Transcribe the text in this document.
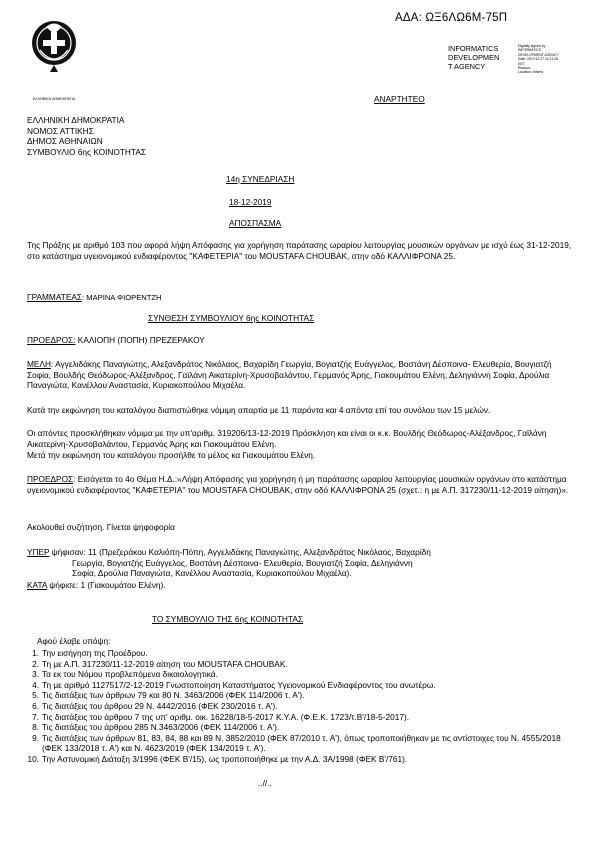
ΕΛΛΗΝΙΚΗ ΔΗΜΟΚΡΑΤΙΑ
ΑΔΑ: ΩΞ6ΛΩ6Μ-75Π
INFORMATICS
DEVELOPMEN
T AGENCY
Digitally signed by
INFORMATICS
DEVELOPMENT AGENCY
Date: 2019.12.27 11:21:28
EET
Reason:
Location: Athens
ΑΝΑΡΤΗΤΕΟ
ΕΛΛΗΝΙΚΗ ΔΗΜΟΚΡΑΤΙΑ
ΝΟΜΟΣ ΑΤΤΙΚΗΣ
ΔΗΜΟΣ ΑΘΗΝΑΙΩΝ
ΣΥΜΒΟΥΛΙΟ 6ης ΚΟΙΝΟΤΗΤΑΣ
14η ΣΥΝΕΔΡΙΑΣΗ
18-12-2019
ΑΠΟΣΠΑΣΜΑ
Της Πράξης με αριθμό 103 που αφορά λήψη Απόφασης για χορήγηση παράτασης ωραρίου λειτουργίας μουσικών οργάνων με ισχύ έως 31-12-2019, στο κατάστημα υγειονομικού ενδιαφέροντος "ΚΑΦΕΤΕΡΙΑ" του MOUSTAFA CHOUBAK, στην οδό ΚΑΛΛΙΦΡΟΝΑ 25.
ΓΡΑΜΜΑΤΕΑΣ: ΜΑΡΙΝΑ ΦΙΟΡΕΝΤΖΗ
ΣΥΝΘΕΣΗ ΣΥΜΒΟΥΛΙΟΥ 6ης ΚΟΙΝΟΤΗΤΑΣ
ΠΡΟΕΔΡΟΣ: ΚΑΛΙΟΠΗ (ΠΟΠΗ) ΠΡΕΖΕΡΑΚΟΥ
ΜΕΛΗ: Αγγελιδάκης Παναγιώτης, Αλεξανδράτος Νικόλαος, Βαχαρίδη Γεωργία, Βογιατζής Ευάγγελος, Βοστάνη Δέσποινα- Ελευθερία, Βουγιατζή Σοφία, Βουλδής Θεόδωρος-Αλέξανδρος, Γαϊλάνη Αικατερίνη-Χρυσοβαλάντου, Γερμανός Άρης, Γιακουμάτου Ελένη, Δεληγιάννη Σοφία, Δρούλια Παναγιώτα, Κανέλλου Αναστασία, Κυριακοπούλου Μιχαέλα.
Κατά την εκφώνηση του καταλόγου διαπιστώθηκε νόμιμη απαρτία με 11 παρόντα και 4 απόντα επί του συνόλου των 15 μελών.
Οι απόντες προσκλήθηκαν νόμιμα με την υπ'αριθμ. 319206/13-12-2019 Πρόσκληση και είναι οι κ.κ. Βουλδής Θεόδωρος-Αλέξανδρος, Γαϊλάνη Αικατερίνη-Χρυσοβαλάντου, Γερμανός Άρης και Γιακουμάτου Ελένη.
Μετά την εκφώνηση του καταλόγου προσήλθε το μέλος κα Γιακουμάτου Ελένη.
ΠΡΟΕΔΡΟΣ: Εισάγεται το 4ο Θέμα Η.Δ.:«Λήψη Απόφασης για χορήγηση ή μη παράτασης ωραρίου λειτουργίας μουσικών οργάνων στο κατάστημα υγειονομικού ενδιαφέροντος "ΚΑΦΕΤΕΡΙΑ" του MOUSTAFA CHOUBAK, στην οδό ΚΑΛΛΙΦΡΟΝΑ 25 (σχετ.: η με Α.Π. 317230/11-12-2019 αίτηση)».
Ακολουθεί συζήτηση. Γίνεται ψηφοφορία
ΥΠΕΡ ψήφισαν: 11 (Πρεζεράκου Καλιόπη-Πόπη, Αγγελιδάκης Παναγιώτης, Αλεξανδράτος Νικόλαος, Βαχαρίδη
Γεωργία, Βογιατζής Ευάγγελος, Βοστάνη Δέσποινα- Ελευθερία, Βουγιατζή Σοφία, Δεληγιάννη
Σοφία, Δρούλια Παναγιώτα, Κανέλλου Αναστασία, Κυριακοπούλου Μιχαέλα).
ΚΑΤΑ ψήφισε: 1 (Γιακουμάτου Ελένη).
ΤΟ ΣΥΜΒΟΥΛΙΟ ΤΗΣ 6ης ΚΟΙΝΟΤΗΤΑΣ
Αφού έλαβε υπόψη:
1. Την εισήγηση της Προέδρου.
2. Τη με Α.Π. 317230/11-12-2019 αίτηση του MOUSTAFA CHOUBAK.
3. Τα εκ του Νόμου προβλεπόμενα δικαιολογητικά.
4. Τη με αριθμό 1127517/2-12-2019 Γνωστοποίηση Καταστήματος Υγειονομικού Ενδιαφέροντος του ανωτέρω.
5. Τις διατάξεις των άρθρων 79 και 80 Ν. 3463/2006 (ΦΕΚ 114/2006 τ. Α').
6. Τις διατάξεις του άρθρου 29 Ν. 4442/2016 (ΦΕΚ 230/2016 τ. Α').
7. Τις διατάξεις του άρθρου 7 της υπ' αριθμ. οικ. 16228/18-5-2017 Κ.Υ.Α. (Φ.Ε.Κ. 1723/τ.Β'/18-5-2017).
8. Τις διατάξεις του άρθρου 285 Ν.3463/2006 (ΦΕΚ 114/2006 τ. Α').
9. Τις διατάξεις των άρθρων 81, 83, 84, 88 και 89 Ν. 3852/2010 (ΦΕΚ 87/2010 τ. Α'), όπως τροποποιήθηκαν με τις αντίστοιχες του Ν. 4555/2018 (ΦΕΚ 133/2018 τ. Α') και Ν. 4623/2019 (ΦΕΚ 134/2019 τ. Α').
10. Την Αστυνομική Διάταξη 3/1996 (ΦΕΚ Β'/15), ως τροποποιήθηκε με την Α.Δ. 3Α/1998 (ΦΕΚ Β'/761).
..//..
